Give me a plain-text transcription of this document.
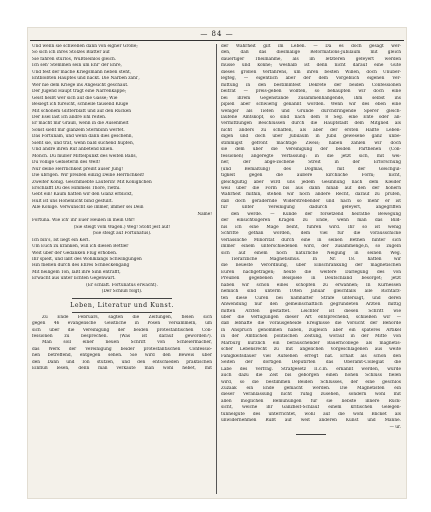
— 84 —
Und wenn sie schwellen dann von eigner Größe;
So sich ich ihres Stolzes Blätter auf
Sie fahren sturlos, Wußtseinlos gleich.
Ich seh' Stemmen sein um Ehr' der Ehre,
Und fest der mache Kriegsmann neben steht,
Entblößten Hauptes und nackt. Die Narben zähl',
Wer nie dem Kriege ins Angesicht geschaut.
Der Jugend Haupt trägt eine Narrenkappe;
Geist heißt wer sich auf die Gasse; Wie
Besiegt ich füreicht, schnelle tausend Klüge
Mit schönem Glitterblatt und auf den Rücken
Der Esel läst ich andre Ehl reiten.
Er macht mir Grauß, wenn in die Ausenmelt
Sonst sieht mir glanzem Sternbinn werfet.
Das Fortunam, und wenn dann dies geschehn,
Sieht sie, und trat, wenn bald suchend hüpfen,
Und andre ihren Ruf anbetend knien.
Mönch. Du mußer Mittelpunkt des weiten Balls,
Du völlige Gebieterin des Welt!
Nur deine Herrlichkeit preißt auser Jung!
Die übrigen. Wir preißen einzig Deine Herrlichkeit!
Zweiter König. Geschmiebte Lauterin! Mit Königlichen
Erschlafft Du des Himmels Thore, riethi.
Gebt ein! Kaum hatten wir den Glanz erblickt,
Hült ist uns Höhenlicht bind gesfüllt.
Alle Könige. Verwünscht sie immer, immer sei Dein
Name!
Fortuna. Wie ich' ihr Euer Heulen in mein Ohr!
(Sie steigt vom Wagen.) Weg! Stöht jest auf!
(Sie steigt auf Fortunatus).
Ich bin's, Ist liegt ein Kerl.
Um Euch zu kränken, will ich diesen Bettler
Weit über der Gedanken Flug erhöben.
Ihr spielt, und laßt des Wohlklangs Schwingungen
Hin fließen durch des Ehres Schneckengang
Mit heiligem Ton, laßt ihre Sinn entrafft,
Erwacht aus unter lichten Gegenwart.
(Er schläft. Fortunatus erwacht).
(Der Schluß folgt).
Leben, Literatur und Kunst.
Zu Ende Februars, sagten die Zeitungen, fielen sich
gegen 46 evangelische Geistliche in Posen versammeln, um
sich über die Vereinigung der beiden protestantischen Con-
fessionen zu besprechen. (Was ist darauf geworden?).
Man soll einer neuen Schrift von Schleiermacher,
das Werk der Vereinigung beider protestantischen Confessio-
nen betreffend, entgegen sehen. Sie wird den Beweis über
den Dann und Ton stützen, und den entschieden praktischen
Einfluß lesen, denn man verkaute man wohl hebet, mit
der Wahrheit gilt im Leben. — Da es doch gesagt wer-
den, daß das diesmalige Reformations-Jubiläum mit gleich
dauertiger Theilnahme, als im letzteren gefeyert werden
müsse und könne; weshalb ist denn nicht darauf eine Gute
dieses großen Verfahrens, um ihren besten Willen, doch Unüber-
legteg, — eigentlich aber der dem Vorgeblich eigenen Ver-
mittung in den bestimmtest Dekrete der beiden Confessionen
beitrat — preis-geben wollten, so behaupten wir doch eine
bei ihrem Gegenstande zusammenhängende, ihm selbst ins
pipiell aber schwierig genannt worden. Wenn wir des eben eine
weniger als Tiefen und Gründe durchdringende Sperer gleich-
laufene Amtskopf, so sind nach dem 8 Seg. eine Ente oder an-
vermittlungen Beschlüssen durch die Hauptstadt dem Mitglied als
nicht anders zu schaffen, als aber der ersten Hälfte Leben-
digen und doch über Jubiläum in Jubil gewesene ganz unbe-
stimmigst gefront mächtige Zweis; haben zählen wir doch
sie dem über die Vereinigung der beiden Parthenen (Con-
fessionen) angeregte Verfassung: in die jetzt sich, mit wei-
ner, der abge-zochene Streit in der Erforschung
(und Bemaltung) des Dogmas, mit der Gleichgül-
tigkeit gegen die äußere kirchliche Form; nicht,
gleichgültig aber wird uns jedem Gesinnung nach dem Kleider
weil über die Form bis aus dann hinab auf den der höhern
Wahrheit mithin, stehen wir noch andere Recht, darauf zu prüfen,
daß doch gerädernde Widerstrebender und nach so mehr er ist
für unter Vereinigung dadurch gefeyert, angegriffen
den werde. — Kunde der forsetzend heirathe Bewegung
der einsichtsigeren Kragen zu Ende, wenn man das Bild-
nis ich eine Mage beiht, führen wird. Ihr so ist wenig
Schritte gethan worden, dem viel für die vorausschicke
verlässliche Minorität durch eine in seinen Bethen hinter sich
immer einem unterschiedenen wird, der zusammenge,h, so zugeln
sich auf einem noch natürliche Neigung in seinen Weg.
Tierarzliche Magnetismus. In Nr. 18. hatten wir
die neueste Verordnung, über Einschränkung der magnetischen
Euren nachgetragen; heute die weitere Darlegung des von
Preußen gegebenen Beispiele in Deutschland besorget; jetzt
haben wir schon eines schöpfen zu erwähnen; In Kurhessen
nemlich sind unterm 10ten Januar gleichfalls alle Richtärz-
ten diese Curen bei namhafter Strafe untersagt, und deren
Anwendung nur den gemeinschaftlich gegründeten Ärzten mittig
mitten Ärzten gestattet. Leichter ist diesen Schritt wie
über die Verfügungen dieser Art entsprechend, schließen wir —
daß lebhafte die vorausgeheide Ereignisse die Vorsicht der Behörde
in Anspruch genommen haben, zugleich aber ein späteres Artikel
in der Amtlichen politischen Zeitung, worauf in der Mitte von
Marburg kürzlich ein berauschender Bauerncollege als magnetis-
scher Lebensrecht zu mit angelichen Vorgeschlagenen aus weite
Fähigkeitsdauer viel Aufsehen erregt hat. Erhält als schon den
Seiten der dortigen Deputirten das Oberamt-Collegiat die
Läbe des Verfrag. Strafgesetz II.c.m. erkannt werden, wurde
auch dazu die Zeit bis geborgen einen hohen Schlüss fielen
wird, so die bestimmen Beiden Schlusses, der eine geschlos
Zuzaak ein Ende gemacht werden. Die Magnetisten ein
dieser Veranlassung nicht ruhig zusehen, sondern wohl mit
allen möglichen Bemühungen für sie liebste innere Rück-
sicht, welche ihr Ganzheit-Schlauf einem kritischen Gelegen-
tunnelgute des unterrichtet, wohl auf die wohl Blicket als
unwidernehmen Rußt auf weit anderen Kunst und Manne.
— ur.
